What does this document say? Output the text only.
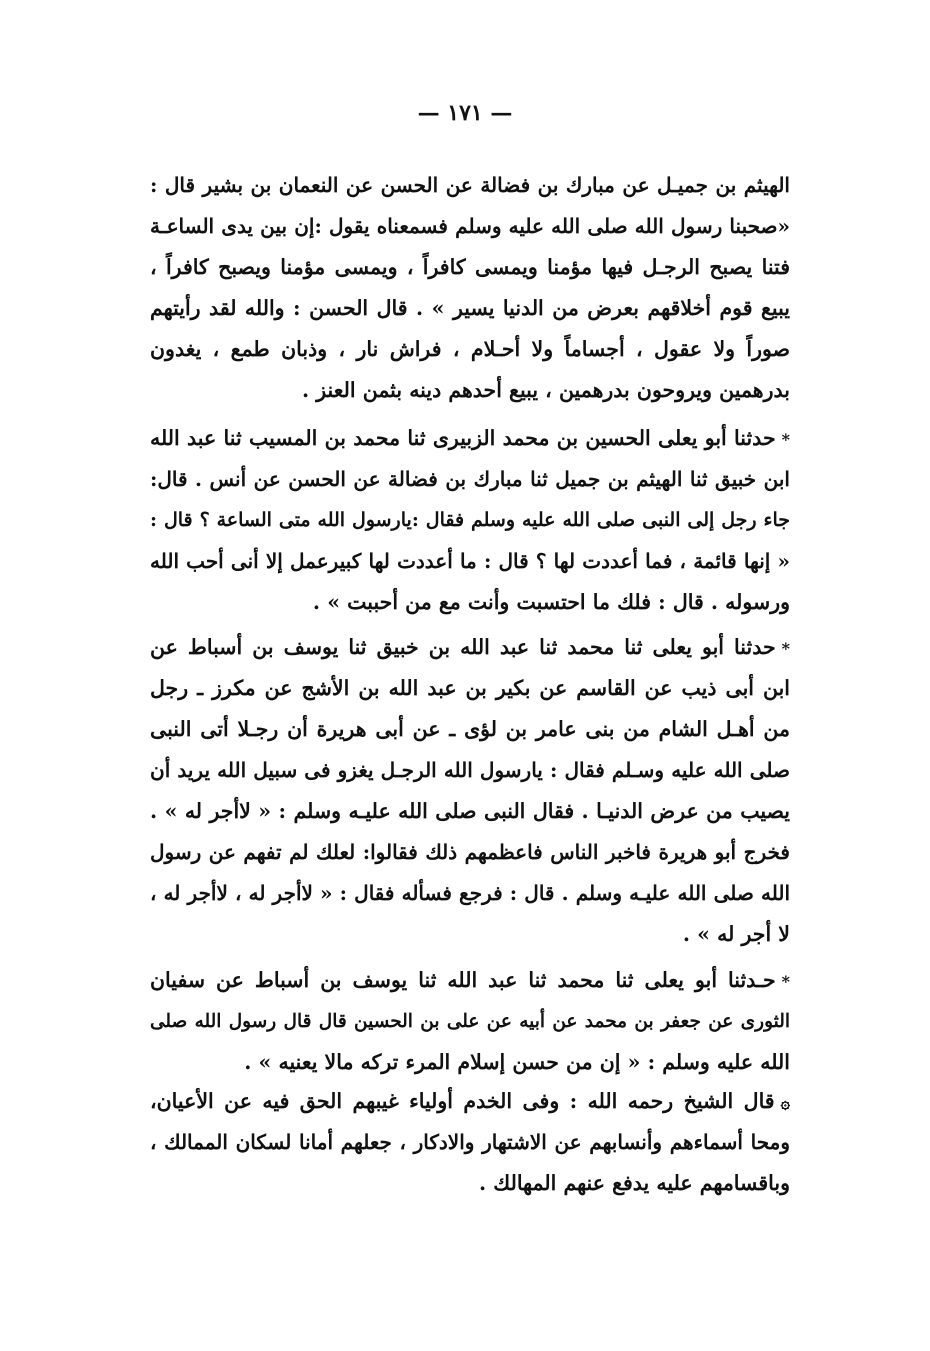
— ١٧١ —
الهيثم بن جميـل عن مبارك بن فضالة عن الحسن عن النعمان بن بشير قال :
«صحبنا رسول الله صلى الله عليه وسلم فسمعناه يقول :إن بين يدى الساعـة
فتنا يصبح الرجـل فيها مؤمنا ويمسى كافراً ، ويمسى مؤمنا ويصبح كافراً ،
يبيع قوم أخلاقهم بعرض من الدنيا يسير » . قال الحسن : والله لقد رأيتهم
صوراً ولا عقول ، أجساماً ولا أحـلام ، فراش نار ، وذبان طمع ، يغدون
بدرهمين ويروحون بدرهمين ، يبيع أحدهم دينه بثمن العنز .
*حدثنا أبو يعلى الحسين بن محمد الزبيرى ثنا محمد بن المسيب ثنا عبد الله
ابن خبيق ثنا الهيثم بن جميل ثنا مبارك بن فضالة عن الحسن عن أنس . قال:
جاء رجل إلى النبى صلى الله عليه وسلم فقال :يارسول الله متى الساعة ؟ قال :
« إنها قائمة ، فما أعددت لها ؟ قال : ما أعددت لها كبيرعمل إلا أنى أحب الله
ورسوله . قال : فلك ما احتسبت وأنت مع من أحببت » .
*حدثنا أبو يعلى ثنا محمد ثنا عبد الله بن خبيق ثنا يوسف بن أسباط عن
ابن أبى ذيب عن القاسم عن بكير بن عبد الله بن الأشج عن مكرز ـ رجل
من أهـل الشام من بنى عامر بن لؤى ـ عن أبى هريرة أن رجـلا أتى النبى
صلى الله عليه وسـلم فقال : يارسول الله الرجـل يغزو فى سبيل الله يريد أن
يصيب من عرض الدنيـا . فقال النبى صلى الله عليـه وسلم : « لاأجر له » .
فخرج أبو هريرة فاخبر الناس فاعظمهم ذلك فقالوا: لعلك لم تفهم عن رسول
الله صلى الله عليـه وسلم . قال : فرجع فسأله فقال : « لاأجر له ، لاأجر له ،
لا أجر له » .
*حـدثنا أبو يعلى ثنا محمد ثنا عبد الله ثنا يوسف بن أسباط عن سفيان
الثورى عن جعفر بن محمد عن أبيه عن على بن الحسين قال قال رسول الله صلى
الله عليه وسلم : « إن من حسن إسلام المرء تركه مالا يعنيه » .
۞قال الشيخ رحمه الله : وفى الخدم أولياء غيبهم الحق فيه عن الأعيان،
ومحا أسماءهم وأنسابهم عن الاشتهار والادكار ، جعلهم أمانا لسكان الممالك ،
وباقسامهم عليه يدفع عنهم المهالك .
